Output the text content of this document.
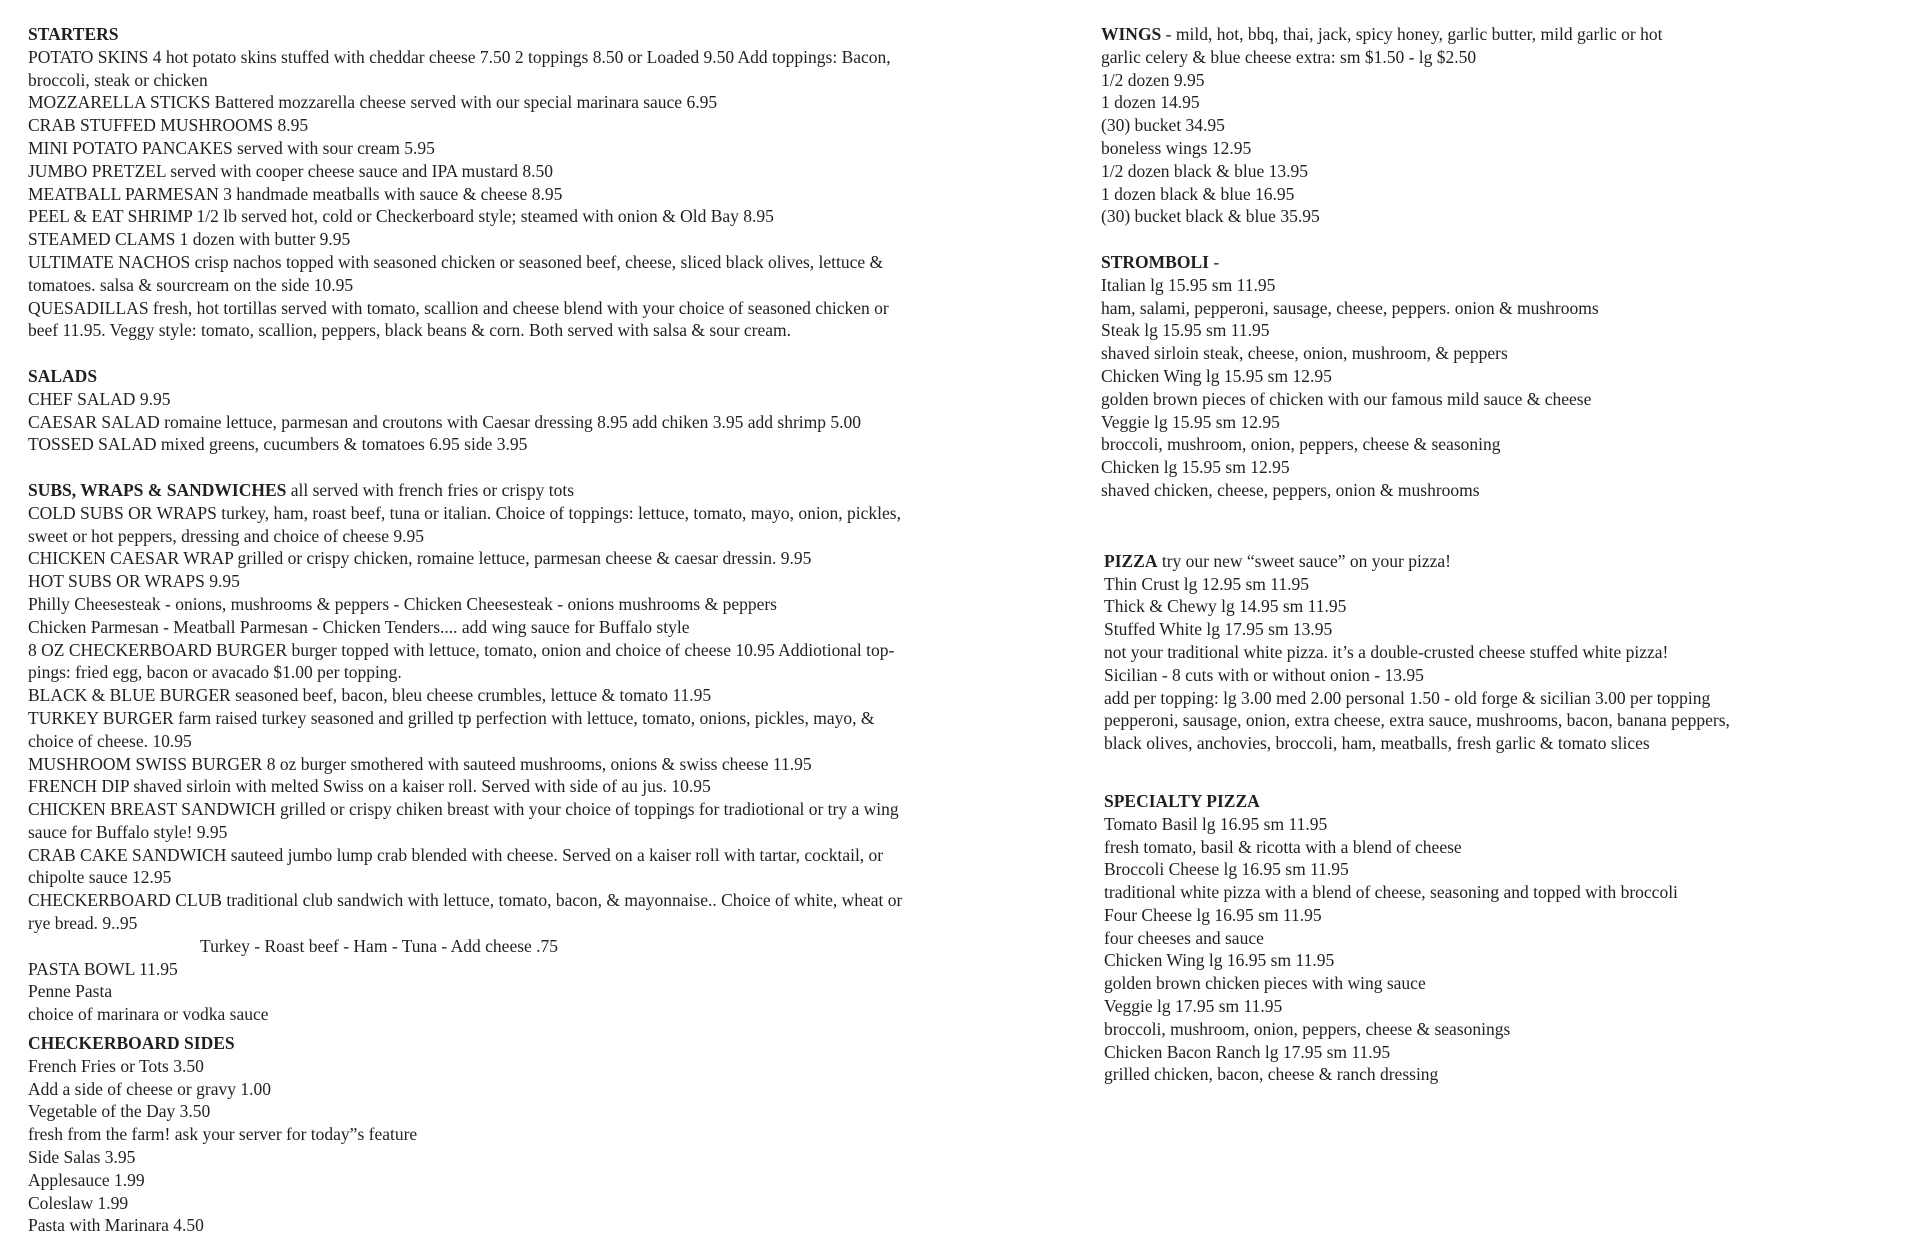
STARTERS
POTATO SKINS 4 hot potato skins stuffed with cheddar cheese 7.50 2 toppings 8.50 or Loaded 9.50 Add toppings: Bacon,
broccoli, steak or chicken
MOZZARELLA STICKS Battered mozzarella cheese served with our special marinara sauce 6.95
CRAB STUFFED MUSHROOMS 8.95
MINI POTATO PANCAKES served with sour cream 5.95
JUMBO PRETZEL served with cooper cheese sauce and IPA mustard 8.50
MEATBALL PARMESAN 3 handmade meatballs with sauce & cheese 8.95
PEEL & EAT SHRIMP 1/2 lb served hot, cold or Checkerboard style; steamed with onion & Old Bay 8.95
STEAMED CLAMS 1 dozen with butter 9.95
ULTIMATE NACHOS crisp nachos topped with seasoned chicken or seasoned beef, cheese, sliced black olives, lettuce &
tomatoes. salsa & sourcream on the side 10.95
QUESADILLAS fresh, hot tortillas served with tomato, scallion and cheese blend with your choice of seasoned chicken or
beef 11.95. Veggy style: tomato, scallion, peppers, black beans & corn. Both served with salsa & sour cream.
SALADS
CHEF SALAD 9.95
CAESAR SALAD romaine lettuce, parmesan and croutons with Caesar dressing 8.95 add chiken 3.95 add shrimp 5.00
TOSSED SALAD mixed greens, cucumbers & tomatoes 6.95 side 3.95
SUBS, WRAPS & SANDWICHES all served with french fries or crispy tots
COLD SUBS OR WRAPS turkey, ham, roast beef, tuna or italian. Choice of toppings: lettuce, tomato, mayo, onion, pickles,
sweet or hot peppers, dressing and choice of cheese 9.95
CHICKEN CAESAR WRAP grilled or crispy chicken, romaine lettuce, parmesan cheese & caesar dressin. 9.95
HOT SUBS OR WRAPS 9.95
Philly Cheesesteak - onions, mushrooms & peppers - Chicken Cheesesteak - onions mushrooms & peppers
Chicken Parmesan - Meatball Parmesan - Chicken Tenders.... add wing sauce for Buffalo style
8 OZ CHECKERBOARD BURGER burger topped with lettuce, tomato, onion and choice of cheese 10.95 Addiotional top-
pings: fried egg, bacon or avacado $1.00 per topping.
BLACK & BLUE BURGER seasoned beef, bacon, bleu cheese crumbles, lettuce & tomato 11.95
TURKEY BURGER farm raised turkey seasoned and grilled tp perfection with lettuce, tomato, onions, pickles, mayo, &
choice of cheese. 10.95
MUSHROOM SWISS BURGER 8 oz burger smothered with sauteed mushrooms, onions & swiss cheese 11.95
FRENCH DIP shaved sirloin with melted Swiss on a kaiser roll. Served with side of au jus. 10.95
CHICKEN BREAST SANDWICH grilled or crispy chiken breast with your choice of toppings for tradiotional or try a wing
sauce for Buffalo style! 9.95
CRAB CAKE SANDWICH sauteed jumbo lump crab blended with cheese. Served on a kaiser roll with tartar, cocktail, or
chipolte sauce 12.95
CHECKERBOARD CLUB traditional club sandwich with lettuce, tomato, bacon, & mayonnaise.. Choice of white, wheat or
rye bread. 9..95
Turkey - Roast beef - Ham - Tuna - Add cheese .75
PASTA BOWL 11.95
Penne Pasta
choice of marinara or vodka sauce
CHECKERBOARD SIDES
French Fries or Tots 3.50
Add a side of cheese or gravy 1.00
Vegetable of the Day 3.50
fresh from the farm! ask your server for today”s feature
Side Salas 3.95
Applesauce 1.99
Coleslaw 1.99
Pasta with Marinara 4.50
WINGS - mild, hot, bbq, thai, jack, spicy honey, garlic butter, mild garlic or hot
garlic celery & blue cheese extra: sm $1.50 - lg $2.50
1/2 dozen 9.95
1 dozen 14.95
(30) bucket 34.95
boneless wings 12.95
1/2 dozen black & blue 13.95
1 dozen black & blue 16.95
(30) bucket black & blue 35.95
STROMBOLI -
Italian lg 15.95 sm 11.95
ham, salami, pepperoni, sausage, cheese, peppers. onion & mushrooms
Steak lg 15.95 sm 11.95
shaved sirloin steak, cheese, onion, mushroom, & peppers
Chicken Wing lg 15.95 sm 12.95
golden brown pieces of chicken with our famous mild sauce & cheese
Veggie lg 15.95 sm 12.95
broccoli, mushroom, onion, peppers, cheese & seasoning
Chicken lg 15.95 sm 12.95
shaved chicken, cheese, peppers, onion & mushrooms
PIZZA try our new “sweet sauce” on your pizza!
Thin Crust lg 12.95 sm 11.95
Thick & Chewy lg 14.95 sm 11.95
Stuffed White lg 17.95 sm 13.95
not your traditional white pizza. it’s a double-crusted cheese stuffed white pizza!
Sicilian - 8 cuts with or without onion - 13.95
add per topping: lg 3.00 med 2.00 personal 1.50 - old forge & sicilian 3.00 per topping
pepperoni, sausage, onion, extra cheese, extra sauce, mushrooms, bacon, banana peppers,
black olives, anchovies, broccoli, ham, meatballs, fresh garlic & tomato slices
SPECIALTY PIZZA
Tomato Basil lg 16.95 sm 11.95
fresh tomato, basil & ricotta with a blend of cheese
Broccoli Cheese lg 16.95 sm 11.95
traditional white pizza with a blend of cheese, seasoning and topped with broccoli
Four Cheese lg 16.95 sm 11.95
four cheeses and sauce
Chicken Wing lg 16.95 sm 11.95
golden brown chicken pieces with wing sauce
Veggie lg 17.95 sm 11.95
broccoli, mushroom, onion, peppers, cheese & seasonings
Chicken Bacon Ranch lg 17.95 sm 11.95
grilled chicken, bacon, cheese & ranch dressing
